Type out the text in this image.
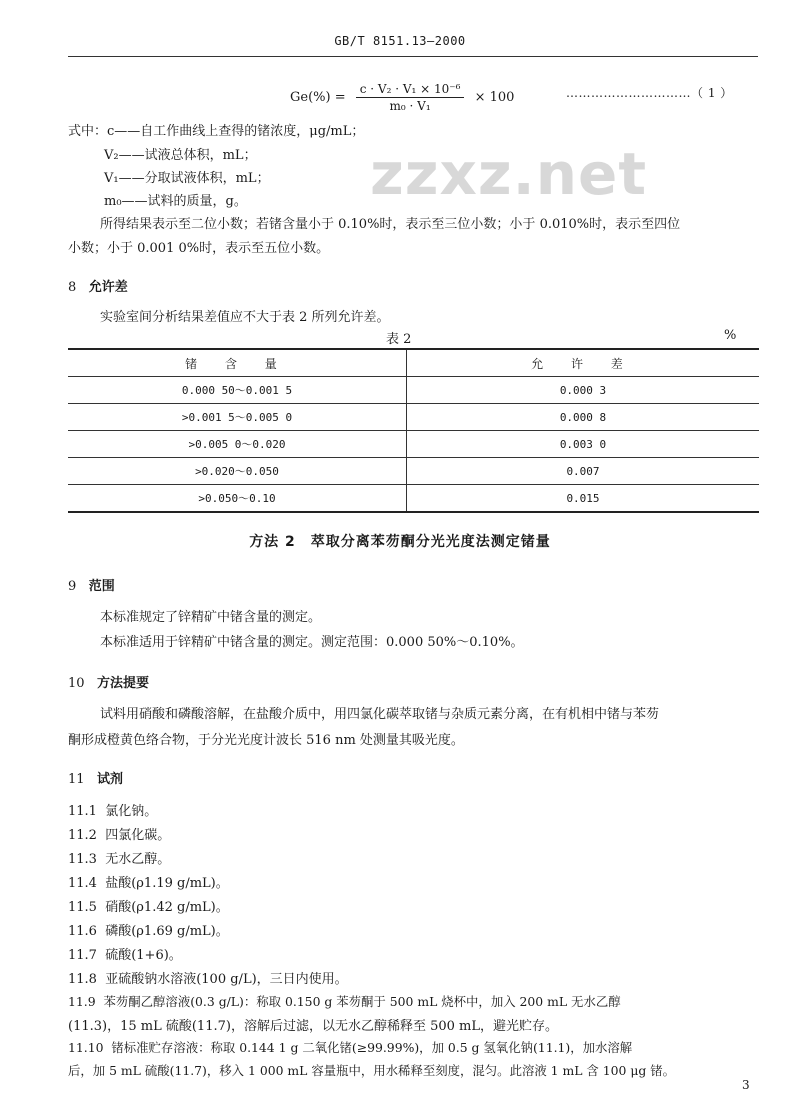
GB/T 8151.13—2000
zzxz.net
$Ge(\%) = \frac{\text{c · V₂ · V₁ × 10⁻⁶}}{\text{m₀ · V₁}} \times 100$	…………………………（ 1 ）
式中：c——自工作曲线上查得的锗浓度，μg/mL；
V₂——试液总体积，mL；
V₁——分取试液体积，mL；
m₀——试料的质量，g。
所得结果表示至二位小数；若锗含量小于 0.10%时，表示至三位小数；小于 0.010%时，表示至四位
小数；小于 0.001 0%时，表示至五位小数。
8 允许差
实验室间分析结果差值应不大于表 2 所列允许差。
表 2	%
锗 含 量	允 许 差
0.000 50～0.001 5	0.000 3
>0.001 5～0.005 0	0.000 8
>0.005 0～0.020	0.003 0
>0.020～0.050	0.007
>0.050～0.10	0.015
方法 2　萃取分离苯芴酮分光光度法测定锗量
9 范围
本标准规定了锌精矿中锗含量的测定。
本标准适用于锌精矿中锗含量的测定。测定范围：0.000 50%～0.10%。
10 方法提要
试料用硝酸和磷酸溶解，在盐酸介质中，用四氯化碳萃取锗与杂质元素分离，在有机相中锗与苯芴
酮形成橙黄色络合物，于分光光度计波长 516 nm 处测量其吸光度。
11 试剂
11.1 氯化钠。
11.2 四氯化碳。
11.3 无水乙醇。
11.4 盐酸(ρ1.19 g/mL)。
11.5 硝酸(ρ1.42 g/mL)。
11.6 磷酸(ρ1.69 g/mL)。
11.7 硫酸(1+6)。
11.8 亚硫酸钠水溶液(100 g/L)，三日内使用。
11.9 苯芴酮乙醇溶液(0.3 g/L)：称取 0.150 g 苯芴酮于 500 mL 烧杯中，加入 200 mL 无水乙醇
(11.3)，15 mL 硫酸(11.7)，溶解后过滤，以无水乙醇稀释至 500 mL，避光贮存。
11.10 锗标准贮存溶液：称取 0.144 1 g 二氧化锗(≥99.99%)，加 0.5 g 氢氧化钠(11.1)，加水溶解
后，加 5 mL 硫酸(11.7)，移入 1 000 mL 容量瓶中，用水稀释至刻度，混匀。此溶液 1 mL 含 100 μg 锗。
3
